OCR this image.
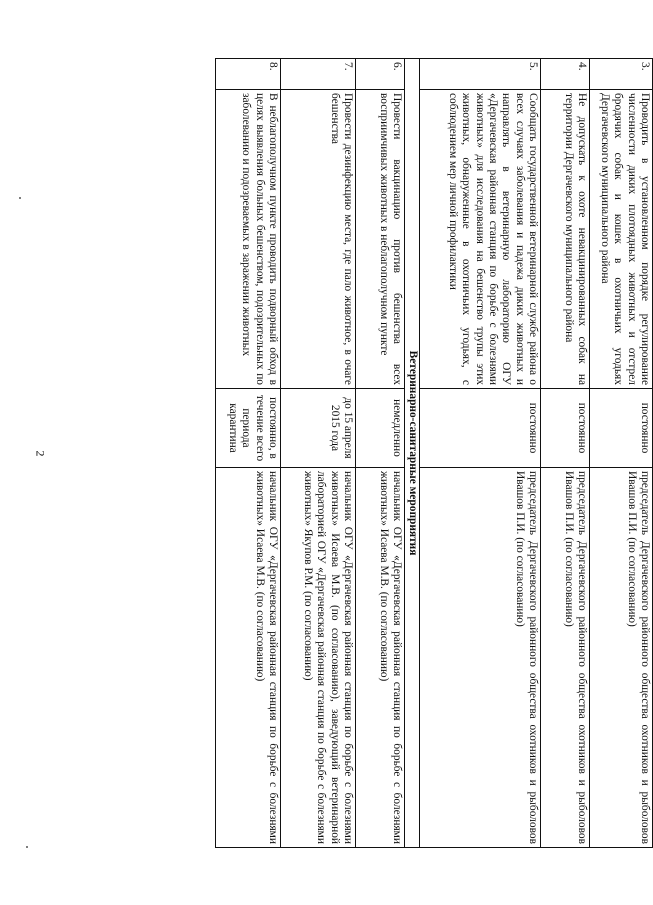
2
3.	Проводить в установленном порядке регулирование численности диких плотоядных животных и отстрел бродячих собак и кошек в охотничьих угодьях Дергачевского муниципального района	постоянно	председатель Дергачевского районного общества охотников и рыболовов Ивашов П.И. (по согласованию)
4.	Не допускать к охоте невакцинированных собак на территории Дергачевского муниципального района	постоянно	председатель Дергачевского районного общества охотников и рыболовов Ивашов П.И. (по согласованию)
5.	Сообщать государственной ветеринарной службе района о всех случаях заболевания и падежа диких животных и направлять в ветеринарную лабораторию ОГУ «Дергачевская районная станция по борьбе с болезнями животных» для исследования на бешенство трупы этих животных, обнаруженные в охотничьих угодьях, с соблюдением мер личной профилактики	постоянно	председатель Дергачевского районного общества охотников и рыболовов Ивашов П.И. (по согласованию)
Ветеринарно-санитарные мероприятия			
6.	Провести вакцинацию против бешенства всех восприимчивых животных в неблагополучном пункте	немедленно	начальник ОГУ «Дергачевская районная станция по борьбе с болезнями животных» Исаева М.В. (по согласованию)
7.	Провести дезинфекцию места, где пало животное, в очаге бешенства	до 15 апреля 2015 года	начальник ОГУ «Дергачевская районная станция по борьбе с болезнями животных» Исаева М.В. (по согласованию), заведующий ветеринарной лабораторией ОГУ «Дергачевская районная станция по борьбе с болезнями животных» Якупов Р.М. (по согласованию)
8.	В неблагополучном пункте проводить подворный обход в целях выявления больных бешенством, подозрительных по заболеванию и подозреваемых в заражении животных	постоянно, в течение всего периода карантина	начальник ОГУ «Дергачевская районная станция по борьбе с болезнями животных» Исаева М.В. (по согласованию)
